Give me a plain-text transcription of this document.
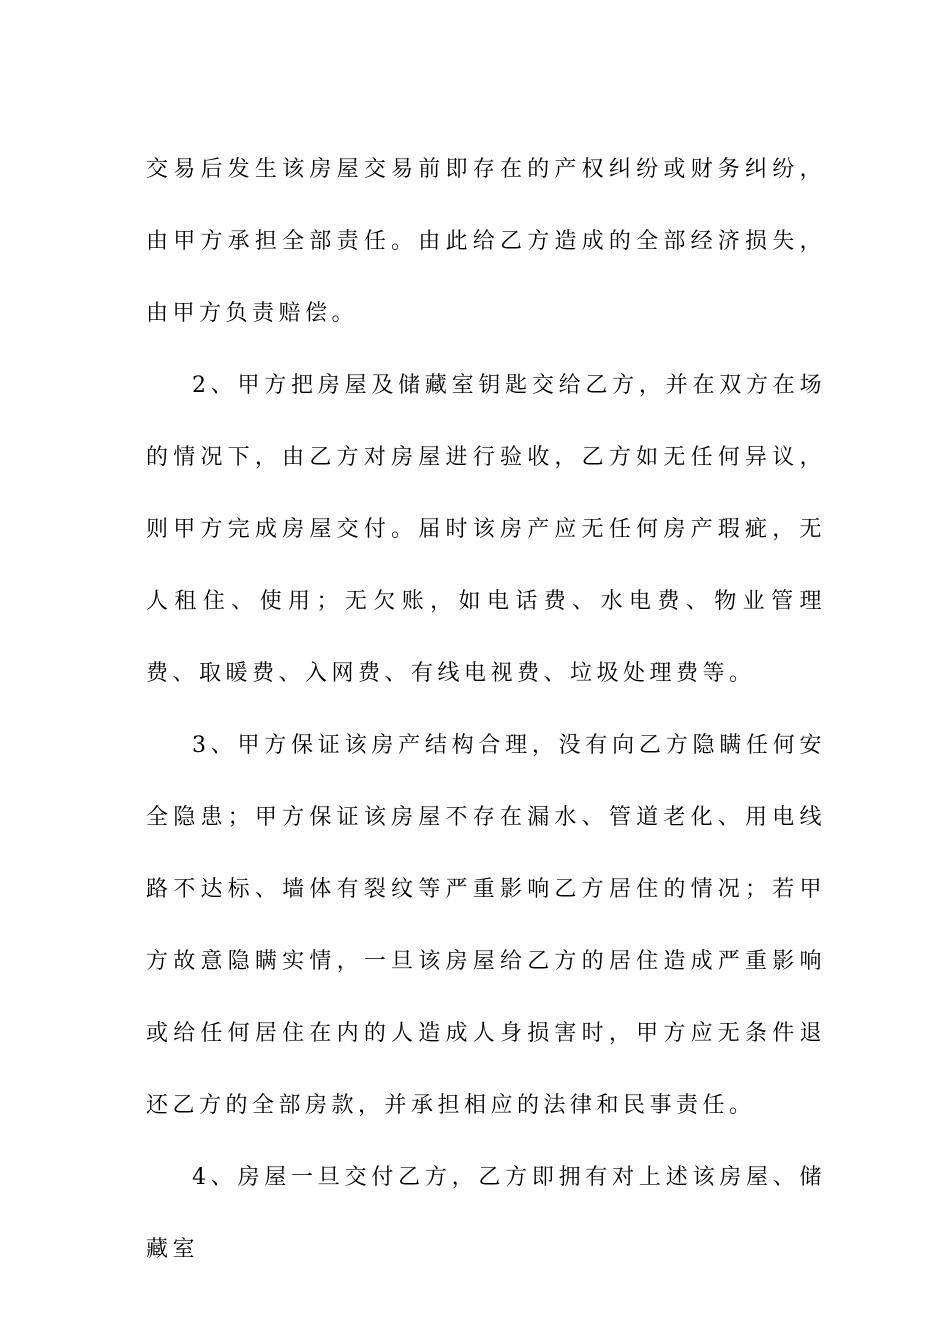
交易后发生该房屋交易前即存在的产权纠纷或财务纠纷，由甲方承担全部责任。由此给乙方造成的全部经济损失，由甲方负责赔偿。

2、甲方把房屋及储藏室钥匙交给乙方，并在双方在场的情况下，由乙方对房屋进行验收，乙方如无任何异议，则甲方完成房屋交付。届时该房产应无任何房产瑕疵，无人租住、使用；无欠账，如电话费、水电费、物业管理费、取暖费、入网费、有线电视费、垃圾处理费等。

3、甲方保证该房产结构合理，没有向乙方隐瞒任何安全隐患；甲方保证该房屋不存在漏水、管道老化、用电线路不达标、墙体有裂纹等严重影响乙方居住的情况；若甲方故意隐瞒实情，一旦该房屋给乙方的居住造成严重影响或给任何居住在内的人造成人身损害时，甲方应无条件退还乙方的全部房款，并承担相应的法律和民事责任。

4、房屋一旦交付乙方，乙方即拥有对上述该房屋、储藏室
